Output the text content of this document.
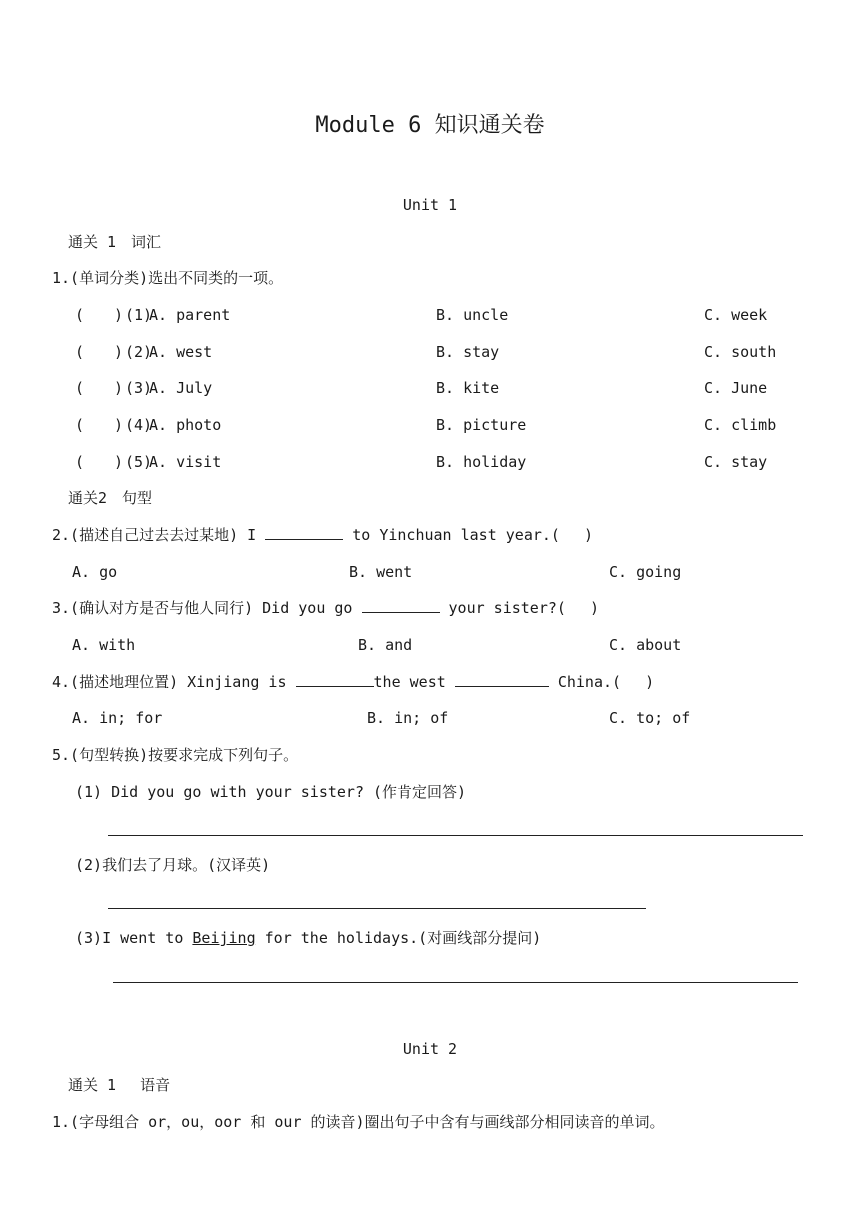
Module 6 知识通关卷
Unit 1
通关 1　词汇
1.(单词分类)选出不同类的一项。
(　　) (1)
A. parent	B. uncle	C. week
(　　) (2)
A. west	B. stay	C. south
(　　) (3)
A. July	B. kite	C. June
(　　) (4)
A. photo	B. picture	C. climb
(　　) (5)
A. visit	B. holiday	C. stay
通关2　句型
2.(描述自己过去去过某地) I	to Yinchuan last year.(　 )
A. go	B. went	C. going
3.(确认对方是否与他人同行) Did you go	your sister?(　 )
A. with	B. and	C. about
4.(描述地理位置) Xinjiang is	the west	China.(　 )
A. in; for	B. in; of	C. to; of
5.(句型转换)按要求完成下列句子。
(1) Did you go with your sister? (作肯定回答)
(2)我们去了月球。(汉译英)
(3)I went to Beijing for the holidays.(对画线部分提问)
Unit 2
通关 1　 语音
1.(字母组合 or，ou，oor 和 our 的读音)圈出句子中含有与画线部分相同读音的单词。
